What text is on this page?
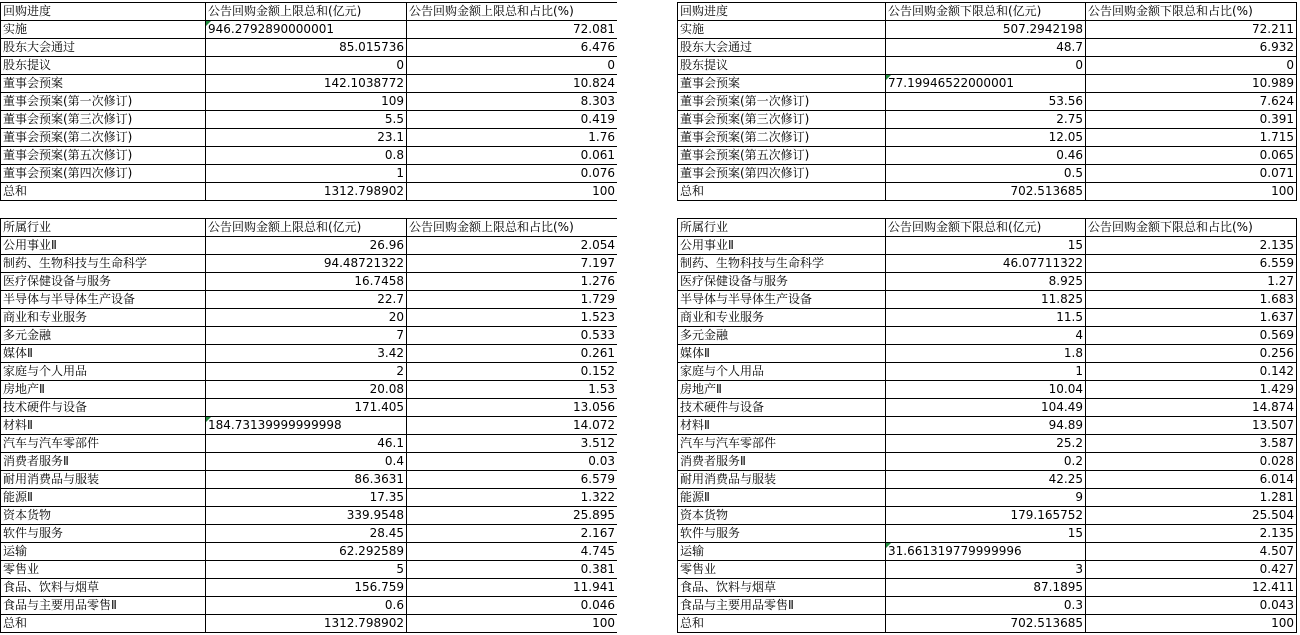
回购进度	公告回购金额上限总和(亿元)	公告回购金额上限总和占比(%)
实施	946.2792890000001	72.081
股东大会通过	85.015736	6.476
股东提议	0	0
董事会预案	142.1038772	10.824
董事会预案(第一次修订)	109	8.303
董事会预案(第三次修订)	5.5	0.419
董事会预案(第二次修订)	23.1	1.76
董事会预案(第五次修订)	0.8	0.061
董事会预案(第四次修订)	1	0.076
总和	1312.798902	100

所属行业	公告回购金额上限总和(亿元)	公告回购金额上限总和占比(%)
公用事业Ⅱ	26.96	2.054
制药、生物科技与生命科学	94.48721322	7.197
医疗保健设备与服务	16.7458	1.276
半导体与半导体生产设备	22.7	1.729
商业和专业服务	20	1.523
多元金融	7	0.533
媒体Ⅱ	3.42	0.261
家庭与个人用品	2	0.152
房地产Ⅱ	20.08	1.53
技术硬件与设备	171.405	13.056
材料Ⅱ	184.73139999999998	14.072
汽车与汽车零部件	46.1	3.512
消费者服务Ⅱ	0.4	0.03
耐用消费品与服装	86.3631	6.579
能源Ⅱ	17.35	1.322
资本货物	339.9548	25.895
软件与服务	28.45	2.167
运输	62.292589	4.745
零售业	5	0.381
食品、饮料与烟草	156.759	11.941
食品与主要用品零售Ⅱ	0.6	0.046
总和	1312.798902	100
回购进度	公告回购金额下限总和(亿元)	公告回购金额下限总和占比(%)
实施	507.2942198	72.211
股东大会通过	48.7	6.932
股东提议	0	0
董事会预案	77.19946522000001	10.989
董事会预案(第一次修订)	53.56	7.624
董事会预案(第三次修订)	2.75	0.391
董事会预案(第二次修订)	12.05	1.715
董事会预案(第五次修订)	0.46	0.065
董事会预案(第四次修订)	0.5	0.071
总和	702.513685	100

所属行业	公告回购金额下限总和(亿元)	公告回购金额下限总和占比(%)
公用事业Ⅱ	15	2.135
制药、生物科技与生命科学	46.07711322	6.559
医疗保健设备与服务	8.925	1.27
半导体与半导体生产设备	11.825	1.683
商业和专业服务	11.5	1.637
多元金融	4	0.569
媒体Ⅱ	1.8	0.256
家庭与个人用品	1	0.142
房地产Ⅱ	10.04	1.429
技术硬件与设备	104.49	14.874
材料Ⅱ	94.89	13.507
汽车与汽车零部件	25.2	3.587
消费者服务Ⅱ	0.2	0.028
耐用消费品与服装	42.25	6.014
能源Ⅱ	9	1.281
资本货物	179.165752	25.504
软件与服务	15	2.135
运输	31.661319779999996	4.507
零售业	3	0.427
食品、饮料与烟草	87.1895	12.411
食品与主要用品零售Ⅱ	0.3	0.043
总和	702.513685	100
